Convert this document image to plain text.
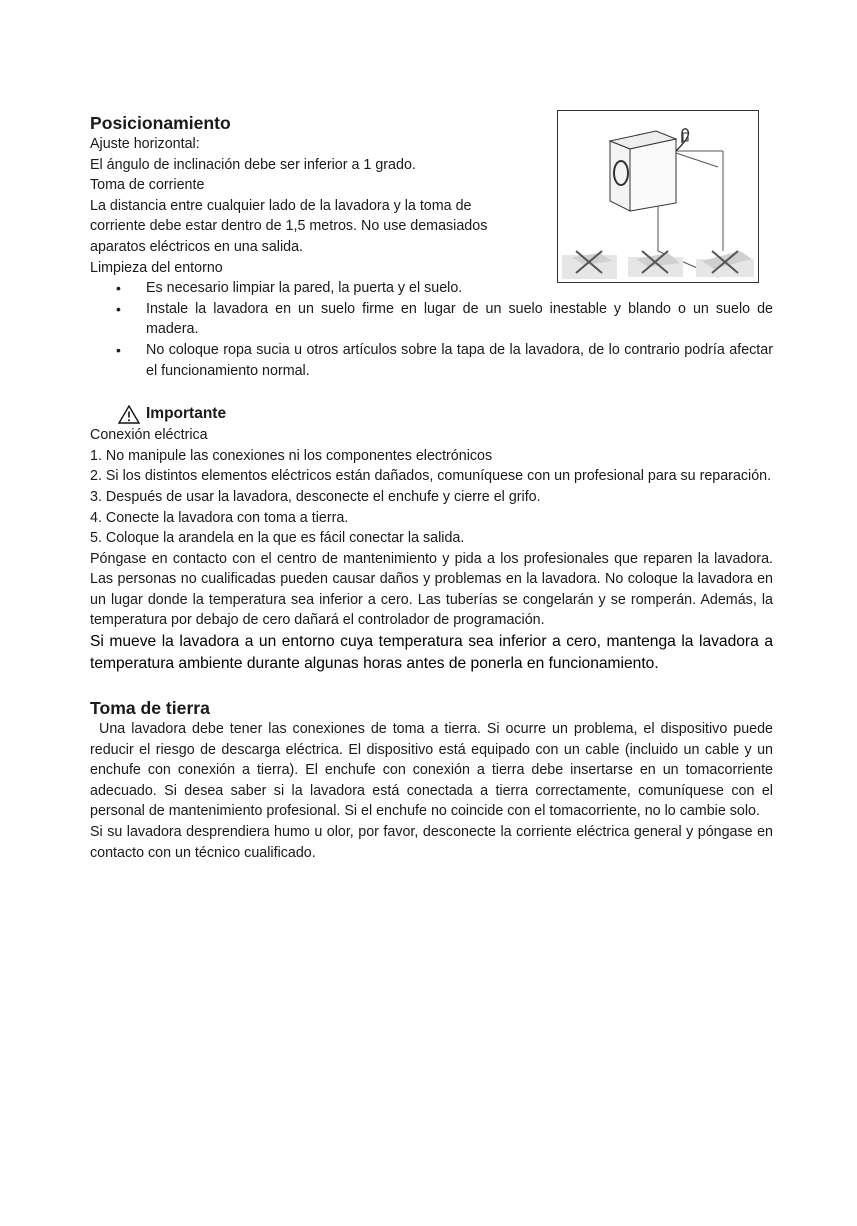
Posicionamiento

Ajuste horizontal:

El ángulo de inclinación debe ser inferior a 1 grado.

Toma de corriente

La distancia entre cualquier lado de la lavadora y la toma de

corriente debe estar dentro de 1,5 metros. No use demasiados

aparatos eléctricos en una salida.

Limpieza del entorno

• Es necesario limpiar la pared, la puerta y el suelo.
• Instale la lavadora en un suelo firme en lugar de un suelo inestable y blando o un suelo de madera.
• No coloque ropa sucia u otros artículos sobre la tapa de la lavadora, de lo contrario podría afectar el funcionamiento normal.
Importante

Conexión eléctrica

1. No manipule las conexiones ni los componentes electrónicos

2. Si los distintos elementos eléctricos están dañados, comuníquese con un profesional para su reparación.

3. Después de usar la lavadora, desconecte el enchufe y cierre el grifo.

4. Conecte la lavadora con toma a tierra.

5. Coloque la arandela en la que es fácil conectar la salida.

Póngase en contacto con el centro de mantenimiento y pida a los profesionales que reparen la lavadora. Las personas no cualificadas pueden causar daños y problemas en la lavadora. No coloque la lavadora en un lugar donde la temperatura sea inferior a cero. Las tuberías se congelarán y se romperán. Además, la temperatura por debajo de cero dañará el controlador de programación.

Si mueve la lavadora a un entorno cuya temperatura sea inferior a cero, mantenga la lavadora a temperatura ambiente durante algunas horas antes de ponerla en funcionamiento.

Toma de tierra

Una lavadora debe tener las conexiones de toma a tierra. Si ocurre un problema, el dispositivo puede reducir el riesgo de descarga eléctrica. El dispositivo está equipado con un cable (incluido un cable y un enchufe con conexión a tierra). El enchufe con conexión a tierra debe insertarse en un tomacorriente adecuado. Si desea saber si la lavadora está conectada a tierra correctamente, comuníquese con el personal de mantenimiento profesional. Si el enchufe no coincide con el tomacorriente, no lo cambie solo.

Si su lavadora desprendiera humo u olor, por favor, desconecte la corriente eléctrica general y póngase en contacto con un técnico cualificado.
